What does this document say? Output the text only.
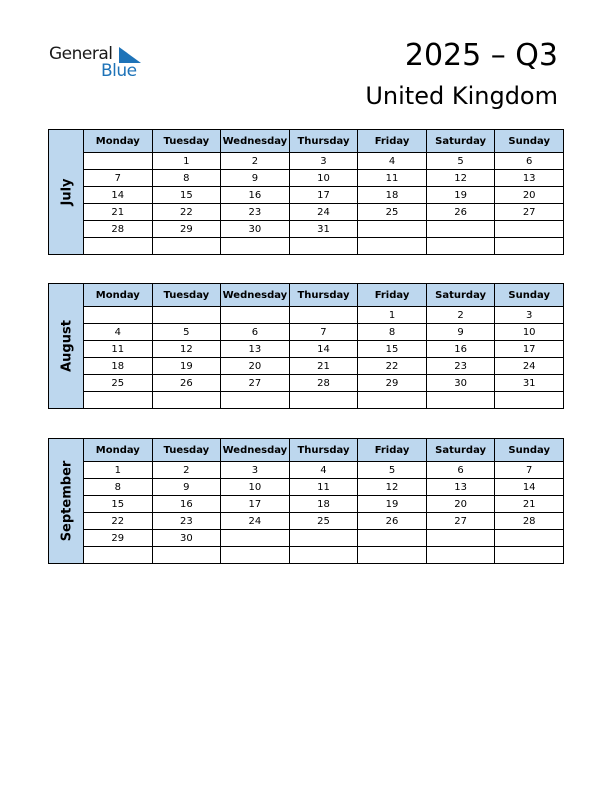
General
Blue	2025 – Q3
United Kingdom
July
Monday	Tuesday	Wednesday	Thursday	Friday	Saturday	Sunday
	1	2	3	4	5	6
7	8	9	10	11	12	13
14	15	16	17	18	19	20
21	22	23	24	25	26	27
28	29	30	31			

August
Monday	Tuesday	Wednesday	Thursday	Friday	Saturday	Sunday
				1	2	3
4	5	6	7	8	9	10
11	12	13	14	15	16	17
18	19	20	21	22	23	24
25	26	27	28	29	30	31

September
Monday	Tuesday	Wednesday	Thursday	Friday	Saturday	Sunday
1	2	3	4	5	6	7
8	9	10	11	12	13	14
15	16	17	18	19	20	21
22	23	24	25	26	27	28
29	30					
